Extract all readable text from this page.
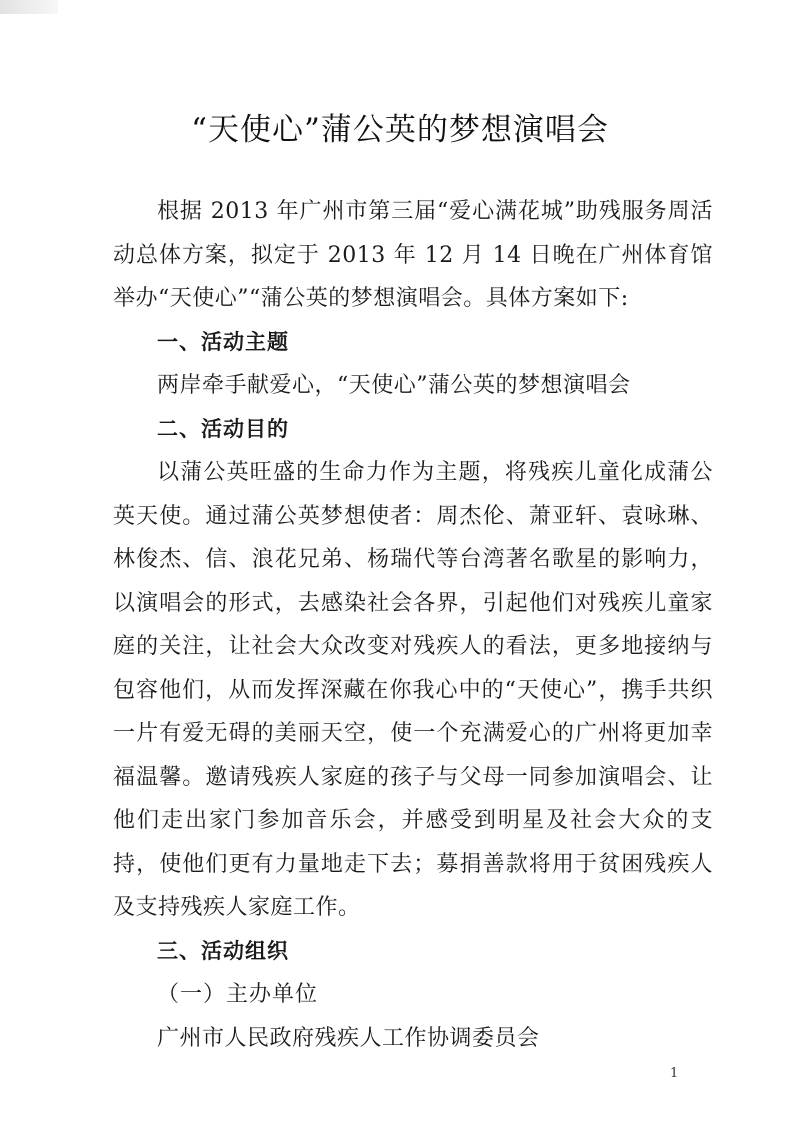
“天使心”蒲公英的梦想演唱会

根据 2013 年广州市第三届“爱心满花城”助残服务周活动总体方案，拟定于 2013 年 12 月 14 日晚在广州体育馆举办“天使心”“蒲公英的梦想演唱会。具体方案如下:

一、活动主题

两岸牵手献爱心，“天使心”蒲公英的梦想演唱会

二、活动目的

以蒲公英旺盛的生命力作为主题，将残疾儿童化成蒲公英天使。通过蒲公英梦想使者：周杰伦、萧亚轩、袁咏琳、林俊杰、信、浪花兄弟、杨瑞代等台湾著名歌星的影响力，以演唱会的形式，去感染社会各界，引起他们对残疾儿童家庭的关注，让社会大众改变对残疾人的看法，更多地接纳与包容他们，从而发挥深藏在你我心中的“天使心”，携手共织一片有爱无碍的美丽天空，使一个充满爱心的广州将更加幸福温馨。邀请残疾人家庭的孩子与父母一同参加演唱会、让他们走出家门参加音乐会，并感受到明星及社会大众的支持，使他们更有力量地走下去；募捐善款将用于贫困残疾人及支持残疾人家庭工作。

三、活动组织

（一）主办单位

广州市人民政府残疾人工作协调委员会

1
